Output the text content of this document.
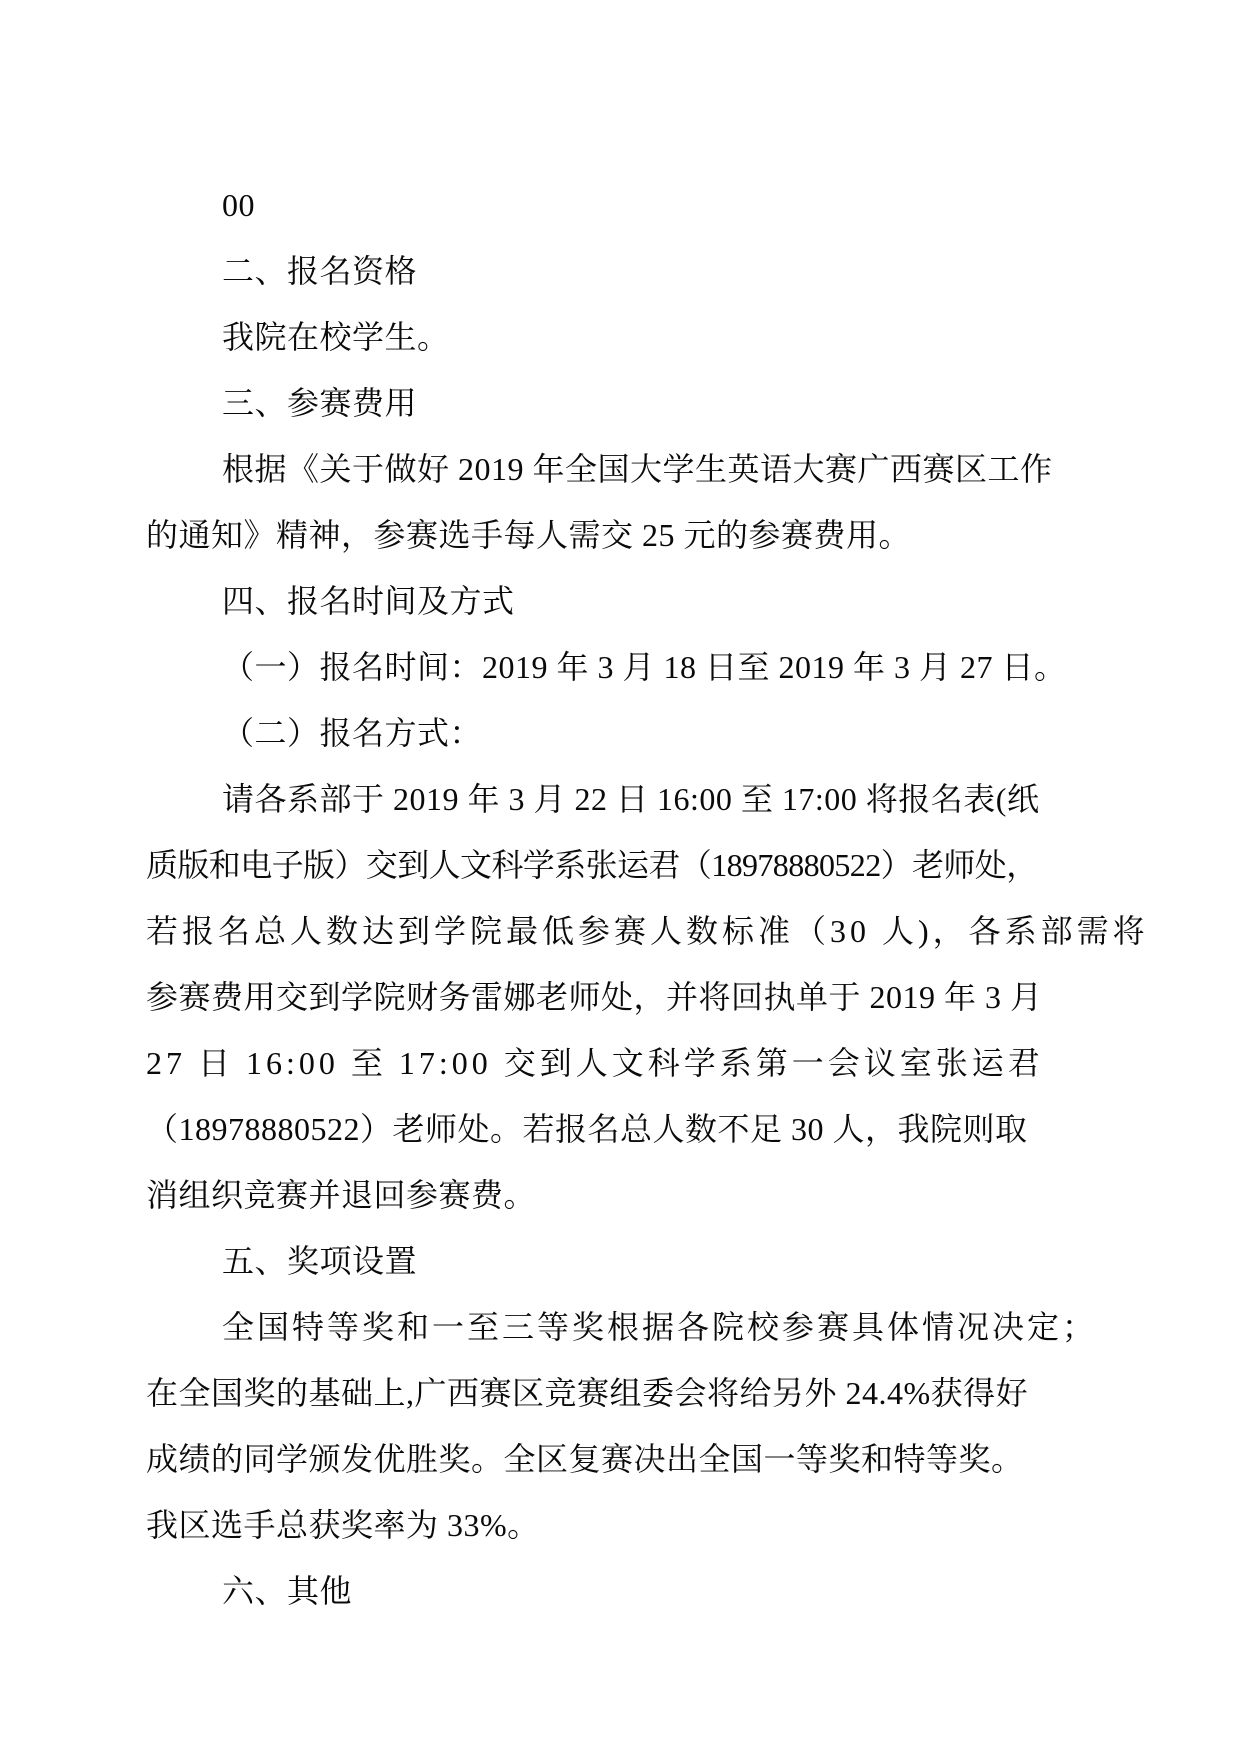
00
二、报名资格
我院在校学生。
三、参赛费用
根据《关于做好 2019 年全国大学生英语大赛广西赛区工作
的通知》精神，参赛选手每人需交 25 元的参赛费用。
四、报名时间及方式
（一）报名时间：2019 年 3 月 18 日至 2019 年 3 月 27 日。
（二）报名方式：
请各系部于 2019 年 3 月 22 日 16:00 至 17:00 将报名表(纸
质版和电子版）交到人文科学系张运君（18978880522）老师处，
若报名总人数达到学院最低参赛人数标准（30 人)，各系部需将
参赛费用交到学院财务雷娜老师处，并将回执单于 2019 年 3 月
27 日 16:00 至 17:00 交到人文科学系第一会议室张运君
（18978880522）老师处。若报名总人数不足 30 人，我院则取
消组织竞赛并退回参赛费。
五、奖项设置
全国特等奖和一至三等奖根据各院校参赛具体情况决定；
在全国奖的基础上,广西赛区竞赛组委会将给另外 24.4%获得好
成绩的同学颁发优胜奖。全区复赛决出全国一等奖和特等奖。
我区选手总获奖率为 33%。
六、其他
